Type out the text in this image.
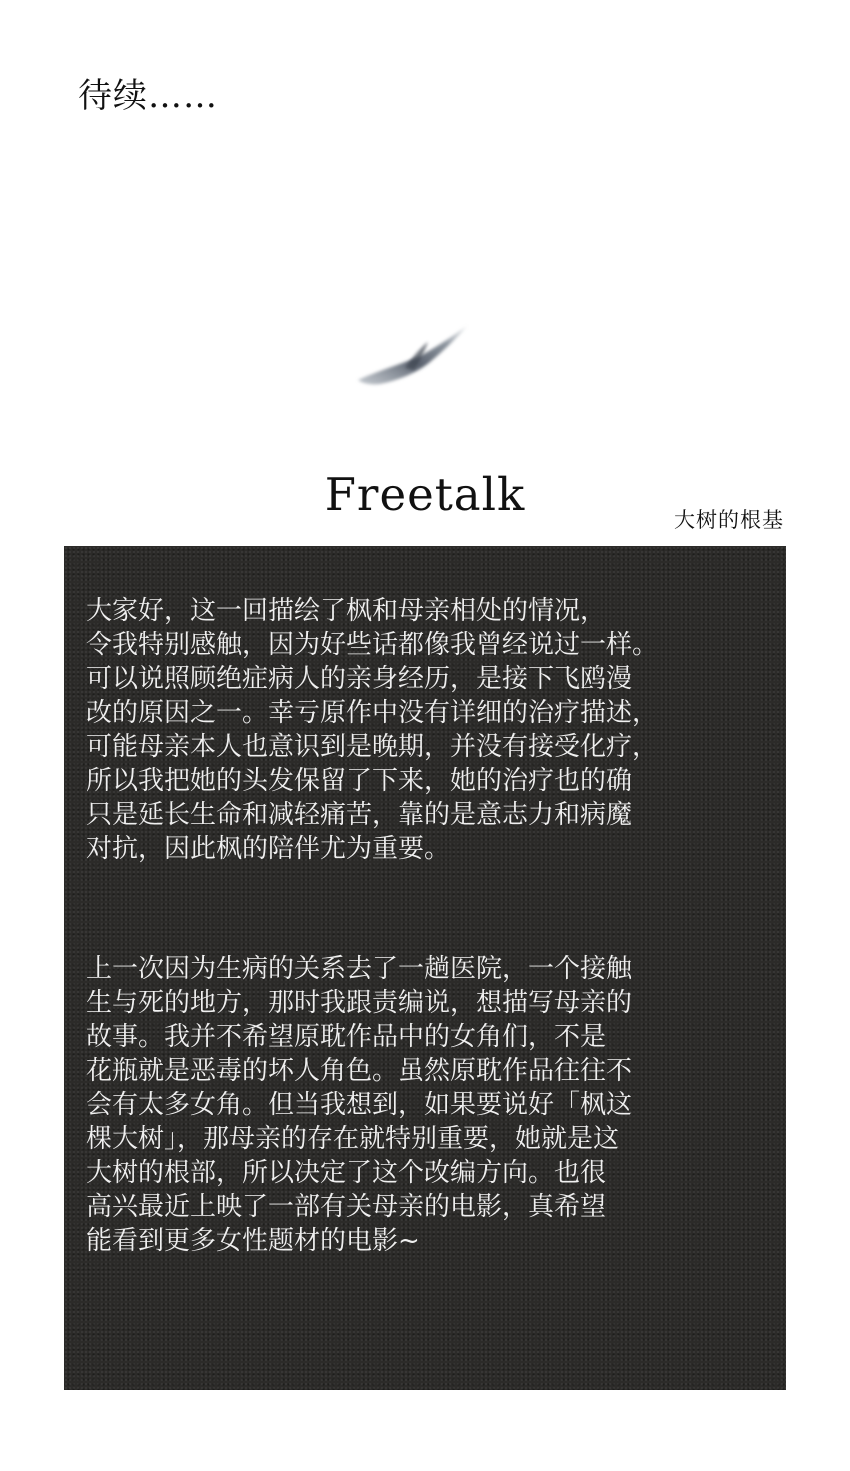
待续……
Freetalk	大树的根基
大家好，这一回描绘了枫和母亲相处的情况，
令我特别感触，因为好些话都像我曾经说过一样。
可以说照顾绝症病人的亲身经历，是接下飞鸥漫
改的原因之一。幸亏原作中没有详细的治疗描述，
可能母亲本人也意识到是晚期，并没有接受化疗，
所以我把她的头发保留了下来，她的治疗也的确
只是延长生命和减轻痛苦，靠的是意志力和病魔
对抗，因此枫的陪伴尤为重要。
上一次因为生病的关系去了一趟医院，一个接触
生与死的地方，那时我跟责编说，想描写母亲的
故事。我并不希望原耽作品中的女角们，不是
花瓶就是恶毒的坏人角色。虽然原耽作品往往不
会有太多女角。但当我想到，如果要说好「枫这
棵大树」，那母亲的存在就特别重要，她就是这
大树的根部，所以决定了这个改编方向。也很
高兴最近上映了一部有关母亲的电影，真希望
能看到更多女性题材的电影~
